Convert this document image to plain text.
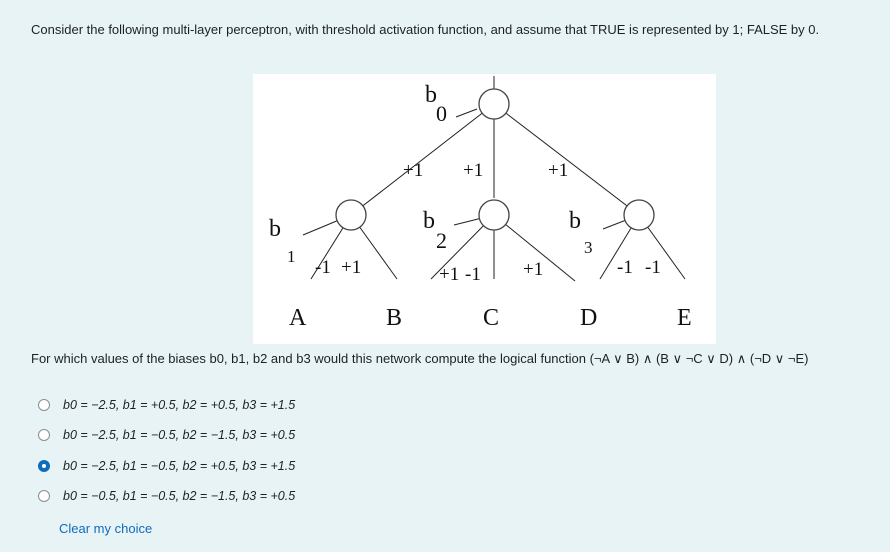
Consider the following multi-layer perceptron, with threshold activation function, and assume that TRUE is represented by 1; FALSE by 0.
b
0
b
1
b
2
b
3
+1 +1	+1
-1 +1	+1 -1 +1	-1 -1
A	B	C	D	E
For which values of the biases b0, b1, b2 and b3 would this network compute the logical function (¬A ∨ B) ∧ (B ∨ ¬C ∨ D) ∧ (¬D ∨ ¬E)
b0 = −2.5, b1 = +0.5, b2 = +0.5, b3 = +1.5
b0 = −2.5, b1 = −0.5, b2 = −1.5, b3 = +0.5
b0 = −2.5, b1 = −0.5, b2 = +0.5, b3 = +1.5
b0 = −0.5, b1 = −0.5, b2 = −1.5, b3 = +0.5
Clear my choice
